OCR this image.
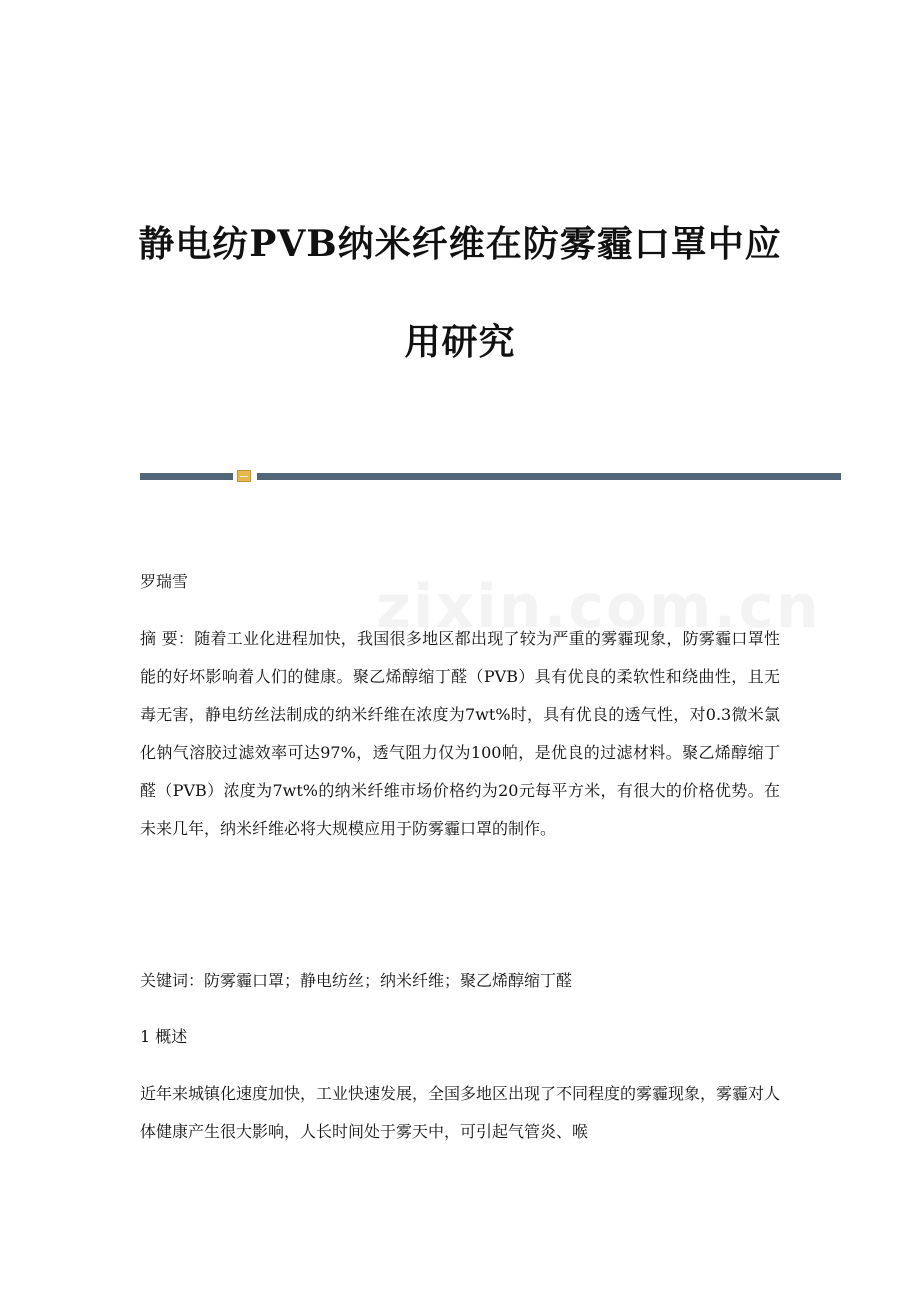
静电纺PVB纳米纤维在防雾霾口罩中应
用研究
罗瑞雪
摘 要：随着工业化进程加快，我国很多地区都出现了较为严重的雾霾现象，防雾霾口罩性能的好坏影响着人们的健康。聚乙烯醇缩丁醛（PVB）具有优良的柔软性和绕曲性，且无毒无害，静电纺丝法制成的纳米纤维在浓度为7wt%时，具有优良的透气性，对0.3微米氯化钠气溶胶过滤效率可达97%，透气阻力仅为100帕，是优良的过滤材料。聚乙烯醇缩丁醛（PVB）浓度为7wt%的纳米纤维市场价格约为20元每平方米，有很大的价格优势。在未来几年，纳米纤维必将大规模应用于防雾霾口罩的制作。
关键词：防雾霾口罩；静电纺丝；纳米纤维；聚乙烯醇缩丁醛
1 概述
近年来城镇化速度加快，工业快速发展，全国多地区出现了不同程度的雾霾现象，雾霾对人体健康产生很大影响，人长时间处于雾天中，可引起气管炎、喉
